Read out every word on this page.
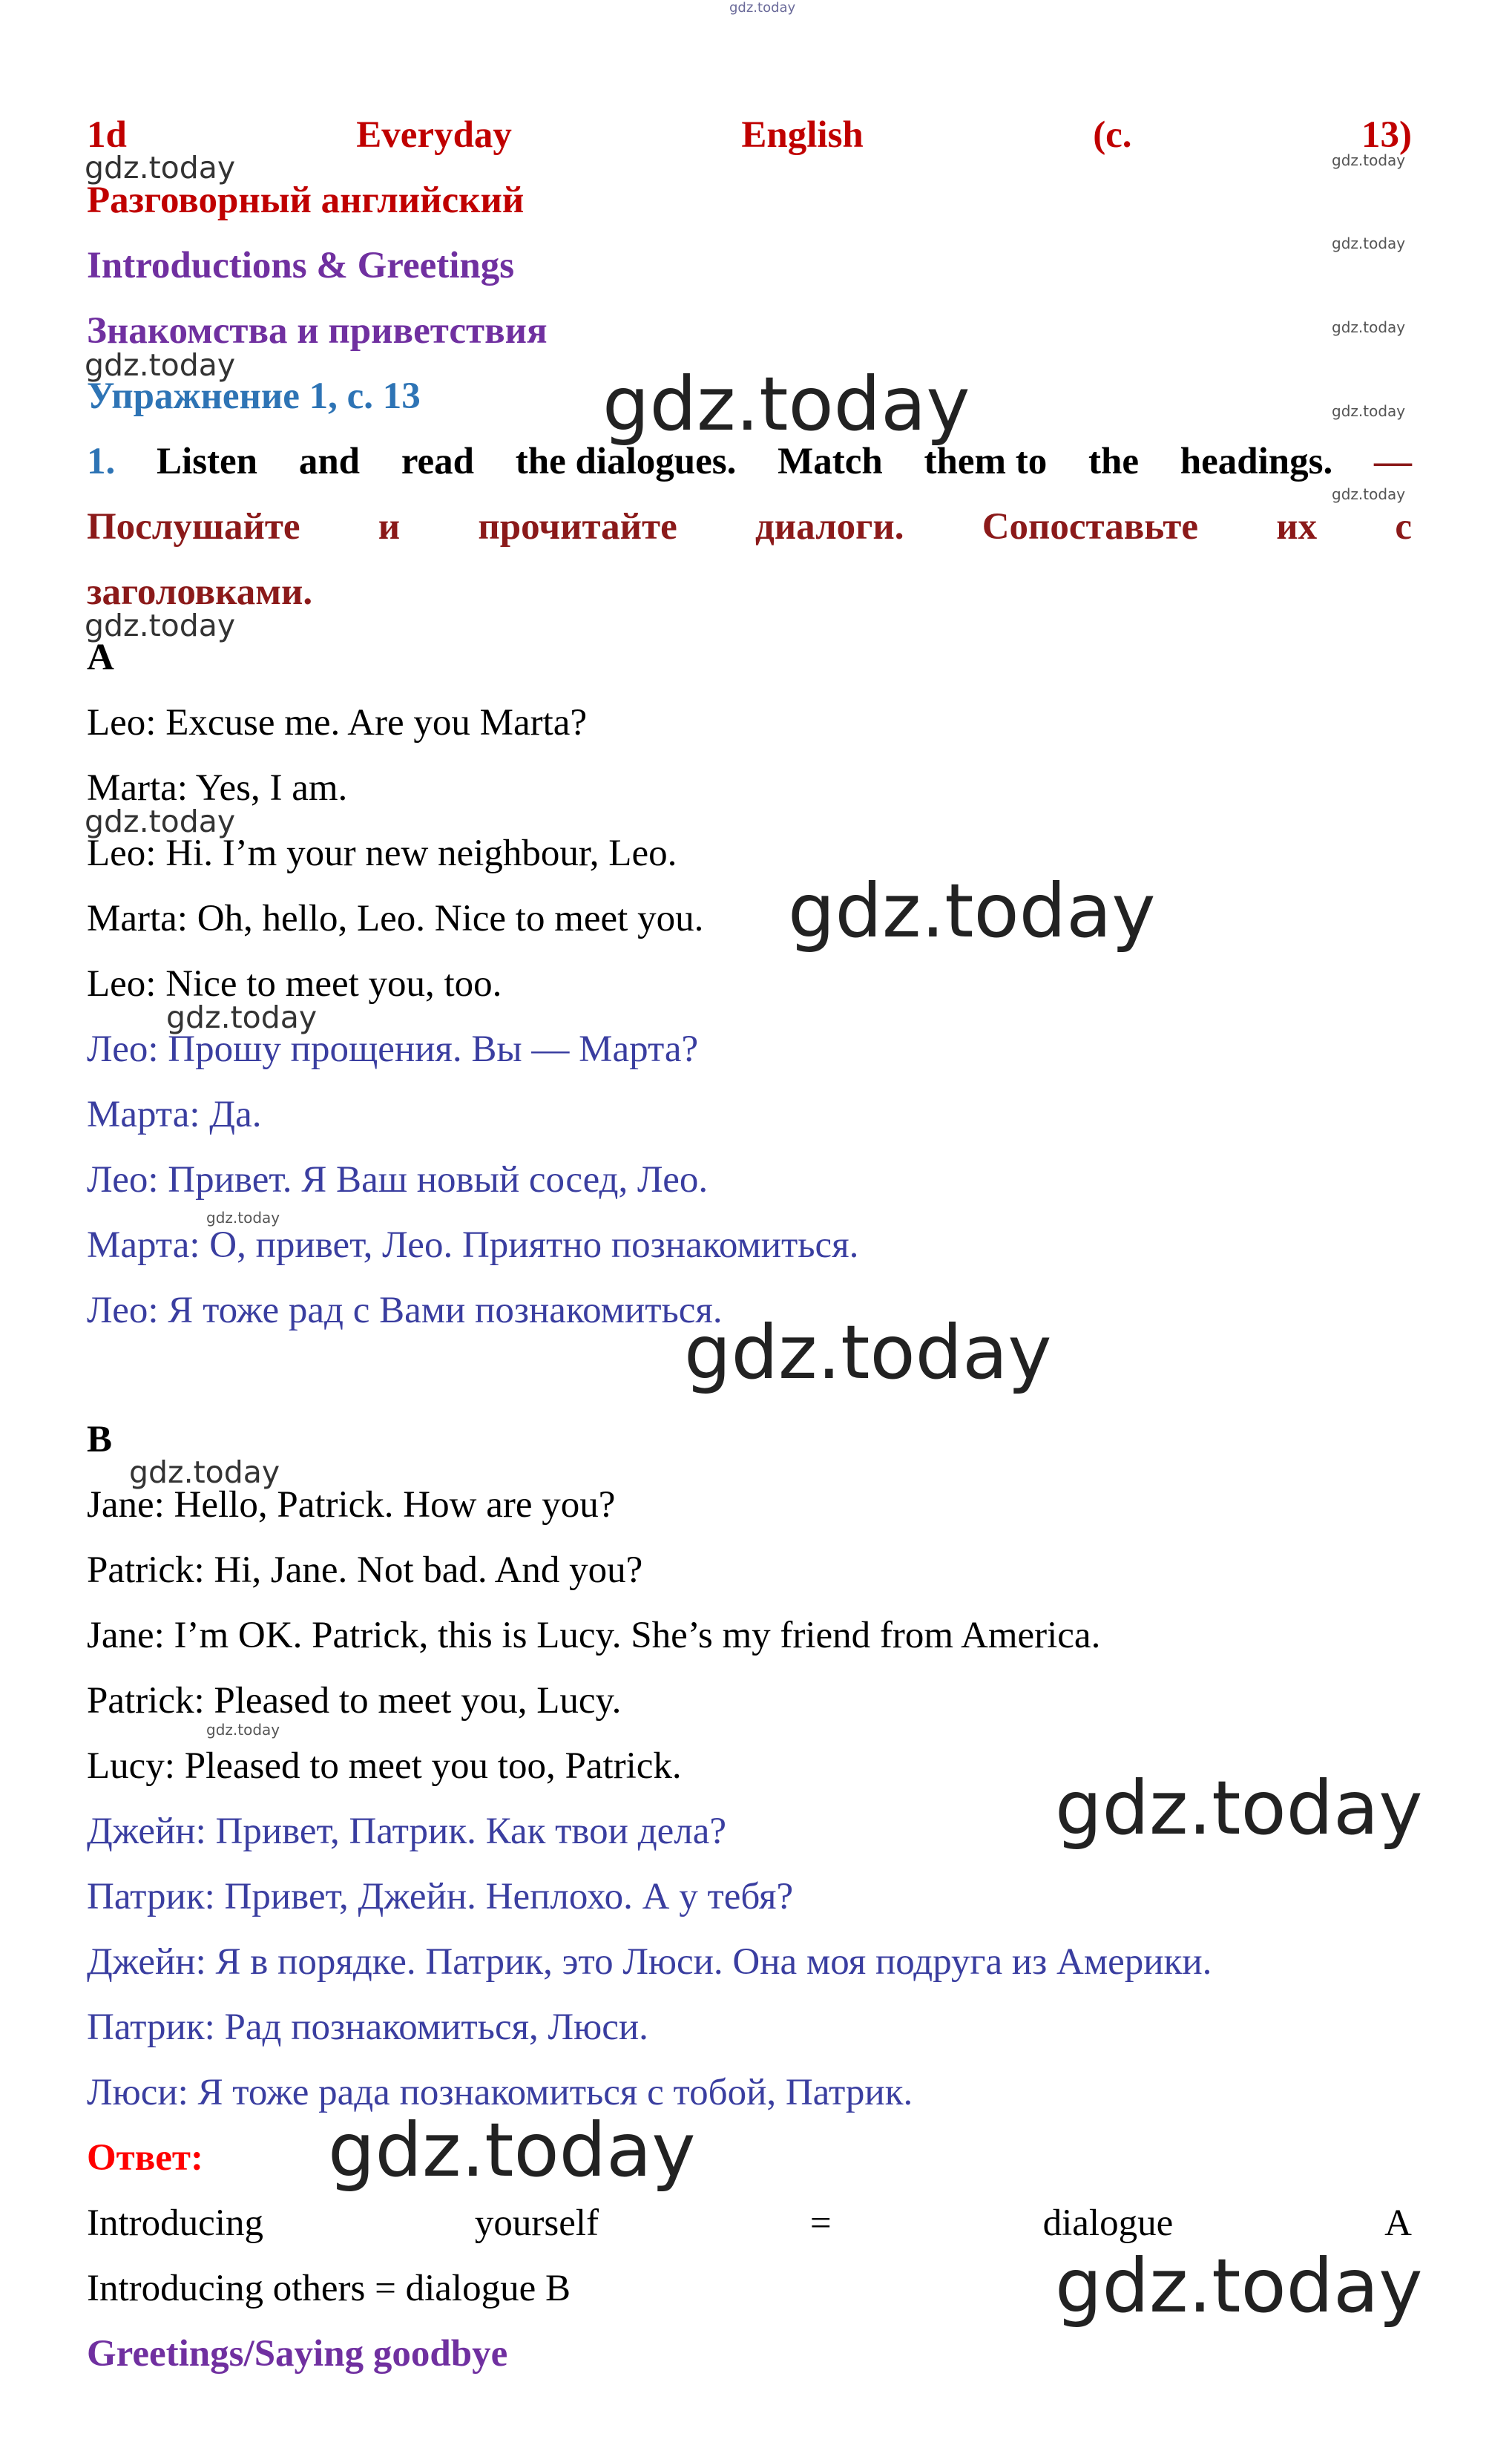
1d	Everyday	English	(с.	13)
Разговорный английский
Introductions & Greetings
Знакомства и приветствия
Упражнение 1, с. 13
1. Listen and read the dialogues. Match them to the headings. —
Послушайте и прочитайте диалоги. Сопоставьте их с
заголовками.
A
Leo: Excuse me. Are you Marta?
Marta: Yes, I am.
Leo: Hi. I’m your new neighbour, Leo.
Marta: Oh, hello, Leo. Nice to meet you.
Leo: Nice to meet you, too.
Лео: Прошу прощения. Вы — Марта?
Марта: Да.
Лео: Привет. Я Ваш новый сосед, Лео.
Марта: О, привет, Лео. Приятно познакомиться.
Лео: Я тоже рад с Вами познакомиться.
B
Jane: Hello, Patrick. How are you?
Patrick: Hi, Jane. Not bad. And you?
Jane: I’m OK. Patrick, this is Lucy. She’s my friend from America.
Patrick: Pleased to meet you, Lucy.
Lucy: Pleased to meet you too, Patrick.
Джейн: Привет, Патрик. Как твои дела?
Патрик: Привет, Джейн. Неплохо. А у тебя?
Джейн: Я в порядке. Патрик, это Люси. Она моя подруга из Америки.
Патрик: Рад познакомиться, Люси.
Люси: Я тоже рада познакомиться с тобой, Патрик.
Ответ:
Introducing	yourself	=	dialogue	A
Introducing others = dialogue B
Greetings/Saying goodbye
gdz.today
gdz.today
gdz.today
gdz.today
gdz.today
gdz.today
gdz.today
gdz.today
gdz.today
gdz.today
gdz.today
gdz.today
gdz.today
gdz.today
gdz.today
gdz.today
gdz.today
gdz.today
gdz.today
gdz.today
